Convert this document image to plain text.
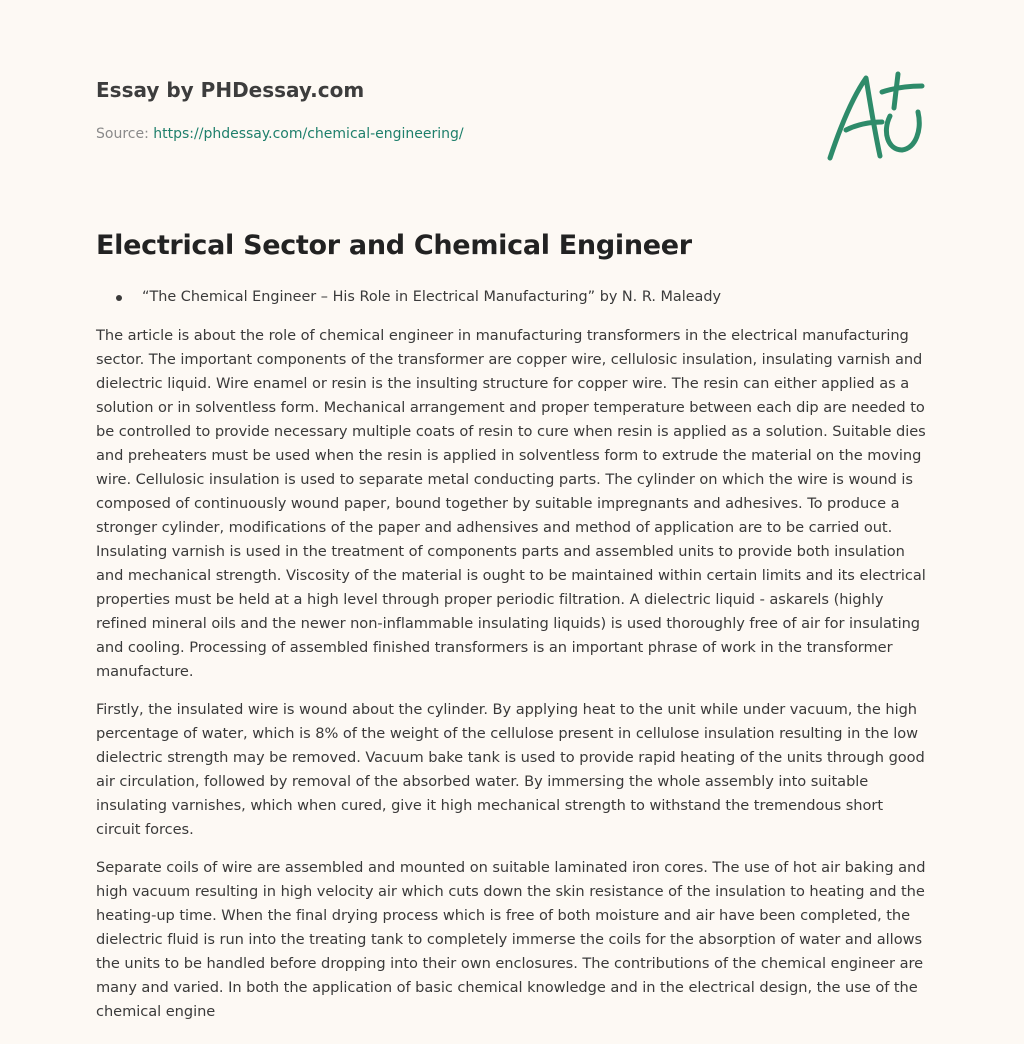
Essay by PHDessay.com
Source: https://phdessay.com/chemical-engineering/
Electrical Sector and Chemical Engineer
“The Chemical Engineer – His Role in Electrical Manufacturing” by N. R. Maleady

The article is about the role of chemical engineer in manufacturing transformers in the electrical manufacturing sector. The important components of the transformer are copper wire, cellulosic insulation, insulating varnish and dielectric liquid. Wire enamel or resin is the insulting structure for copper wire. The resin can either applied as a solution or in solventless form. Mechanical arrangement and proper temperature between each dip are needed to be controlled to provide necessary multiple coats of resin to cure when resin is applied as a solution. Suitable dies and preheaters must be used when the resin is applied in solventless form to extrude the material on the moving wire. Cellulosic insulation is used to separate metal conducting parts. The cylinder on which the wire is wound is composed of continuously wound paper, bound together by suitable impregnants and adhesives. To produce a stronger cylinder, modifications of the paper and adhensives and method of application are to be carried out. Insulating varnish is used in the treatment of components parts and assembled units to provide both insulation and mechanical strength. Viscosity of the material is ought to be maintained within certain limits and its electrical properties must be held at a high level through proper periodic filtration. A dielectric liquid - askarels (highly refined mineral oils and the newer non-inflammable insulating liquids) is used thoroughly free of air for insulating and cooling. Processing of assembled finished transformers is an important phrase of work in the transformer manufacture.

Firstly, the insulated wire is wound about the cylinder. By applying heat to the unit while under vacuum, the high percentage of water, which is 8% of the weight of the cellulose present in cellulose insulation resulting in the low dielectric strength may be removed. Vacuum bake tank is used to provide rapid heating of the units through good air circulation, followed by removal of the absorbed water. By immersing the whole assembly into suitable insulating varnishes, which when cured, give it high mechanical strength to withstand the tremendous short circuit forces.

Separate coils of wire are assembled and mounted on suitable laminated iron cores. The use of hot air baking and high vacuum resulting in high velocity air which cuts down the skin resistance of the insulation to heating and the heating-up time. When the final drying process which is free of both moisture and air have been completed, the dielectric fluid is run into the treating tank to completely immerse the coils for the absorption of water and allows the units to be handled before dropping into their own enclosures. The contributions of the chemical engineer are many and varied. In both the application of basic chemical knowledge and in the electrical design, the use of the chemical engine
